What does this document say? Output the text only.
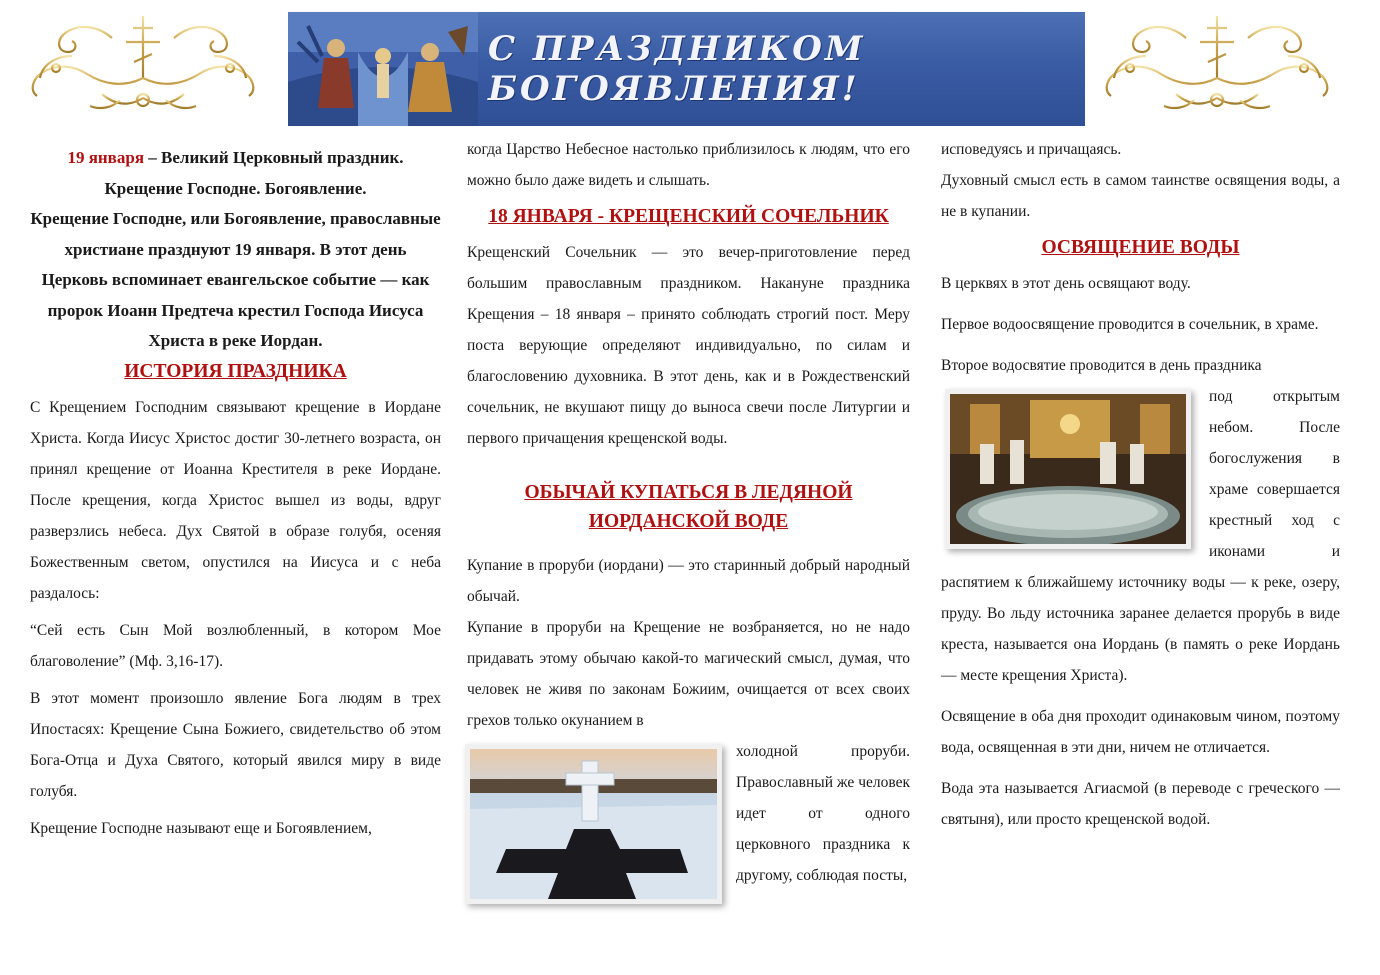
С ПРАЗДНИКОМ БОГОЯВЛЕНИЯ!

19 января – Великий Церковный праздник.

Крещение Господне. Богоявление.

Крещение Господне, или Богоявление, православные христиане празднуют 19 января. В этот день Церковь вспоминает евангельское событие — как пророк Иоанн Предтеча крестил Господа Иисуса Христа в реке Иордан.

ИСТОРИЯ ПРАЗДНИКА

С Крещением Господним связывают крещение в Иордане Христа. Когда Иисус Христос достиг 30-летнего возраста, он принял крещение от Иоанна Крестителя в реке Иордане. После крещения, когда Христос вышел из воды, вдруг разверзлись небеса. Дух Святой в образе голубя, осеняя Божественным светом, опустился на Иисуса и с неба раздалось:

“Сей есть Сын Мой возлюбленный, в котором Мое благоволение” (Мф. 3,16-17).

В этот момент произошло явление Бога людям в трех Ипостасях: Крещение Сына Божиего, свидетельство об этом Бога-Отца и Духа Святого, который явился миру в виде голубя.

Крещение Господне называют еще и Богоявлением,

когда Царство Небесное настолько приблизилось к людям, что его можно было даже видеть и слышать.

18 ЯНВАРЯ - КРЕЩЕНСКИЙ СОЧЕЛЬНИК

Крещенский Сочельник — это вечер-приготовление перед большим православным праздником. Накануне праздника Крещения – 18 января – принято соблюдать строгий пост. Меру поста верующие определяют индивидуально, по силам и благословению духовника. В этот день, как и в Рождественский сочельник, не вкушают пищу до выноса свечи после Литургии и первого причащения крещенской воды.

ОБЫЧАЙ КУПАТЬСЯ В ЛЕДЯНОЙ
ИОРДАНСКОЙ ВОДЕ

Купание в проруби (иордани) — это старинный добрый народный обычай.

Купание в проруби на Крещение не возбраняется, но не надо придавать этому обычаю какой-то магический смысл, думая, что человек не живя по законам Божиим, очищается от всех своих грехов только окунанием в

холодной проруби. Православный же человек идет от одного церковного праздника к другому, соблюдая посты,

исповедуясь и причащаясь.

Духовный смысл есть в самом таинстве освящения воды, а не в купании.

ОСВЯЩЕНИЕ ВОДЫ

В церквях в этот день освящают воду.

Первое водоосвящение проводится в сочельник, в храме.

Второе водосвятие проводится в день праздника

под открытым небом. После богослужения в храме совершается крестный ход с иконами и распятием к ближайшему источнику воды — к реке, озеру, пруду. Во льду источника заранее делается прорубь в виде креста, называется она Иордань (в память о реке Иордань — месте крещения Христа).

Освящение в оба дня проходит одинаковым чином, поэтому вода, освященная в эти дни, ничем не отличается.

Вода эта называется Агиасмой (в переводе с греческого — святыня), или просто крещенской водой.
